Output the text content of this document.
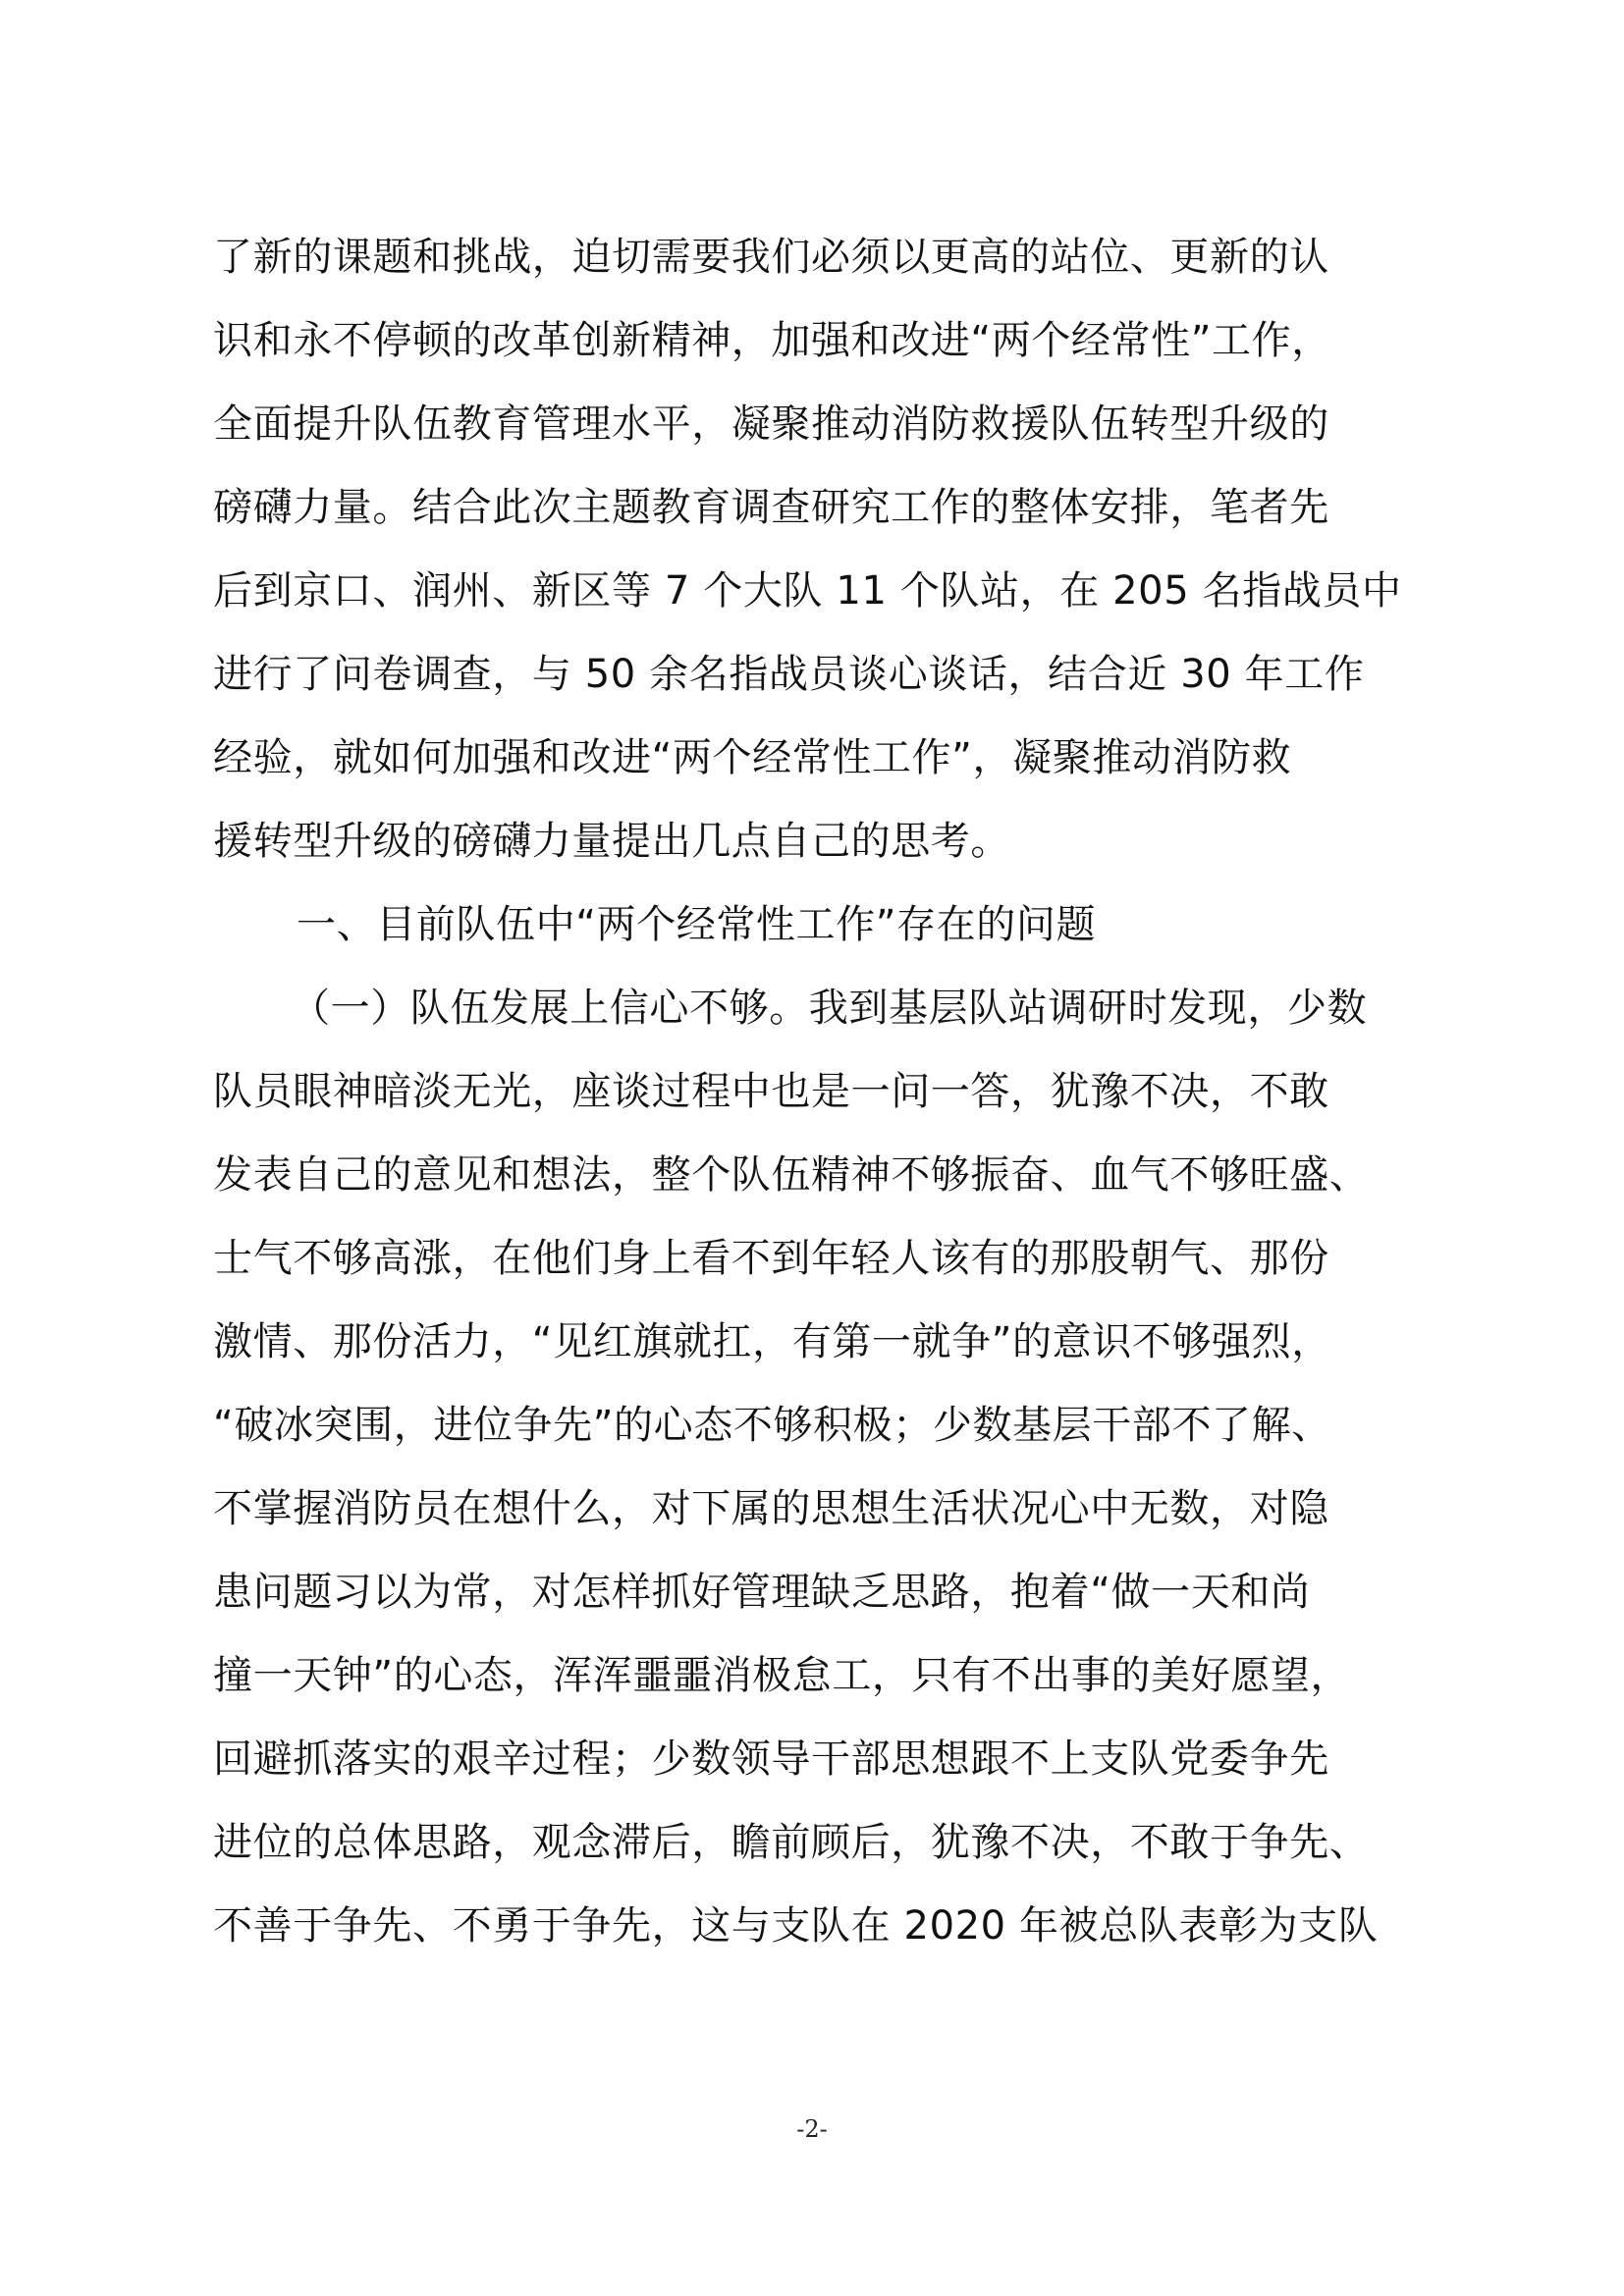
了新的课题和挑战，迫切需要我们必须以更高的站位、更新的认
识和永不停顿的改革创新精神，加强和改进“两个经常性”工作，
全面提升队伍教育管理水平，凝聚推动消防救援队伍转型升级的
磅礴力量。结合此次主题教育调查研究工作的整体安排，笔者先
后到京口、润州、新区等 7 个大队 11 个队站，在 205 名指战员中
进行了问卷调查，与 50 余名指战员谈心谈话，结合近 30 年工作
经验，就如何加强和改进“两个经常性工作”，凝聚推动消防救
援转型升级的磅礴力量提出几点自己的思考。
一、目前队伍中“两个经常性工作”存在的问题
（一）队伍发展上信心不够。我到基层队站调研时发现，少数
队员眼神暗淡无光，座谈过程中也是一问一答，犹豫不决，不敢
发表自己的意见和想法，整个队伍精神不够振奋、血气不够旺盛、
士气不够高涨，在他们身上看不到年轻人该有的那股朝气、那份
激情、那份活力，“见红旗就扛，有第一就争”的意识不够强烈，
“破冰突围，进位争先”的心态不够积极；少数基层干部不了解、
不掌握消防员在想什么，对下属的思想生活状况心中无数，对隐
患问题习以为常，对怎样抓好管理缺乏思路，抱着“做一天和尚
撞一天钟”的心态，浑浑噩噩消极怠工，只有不出事的美好愿望，
回避抓落实的艰辛过程；少数领导干部思想跟不上支队党委争先
进位的总体思路，观念滞后，瞻前顾后，犹豫不决，不敢于争先、
不善于争先、不勇于争先，这与支队在 2020 年被总队表彰为支队
-2-
